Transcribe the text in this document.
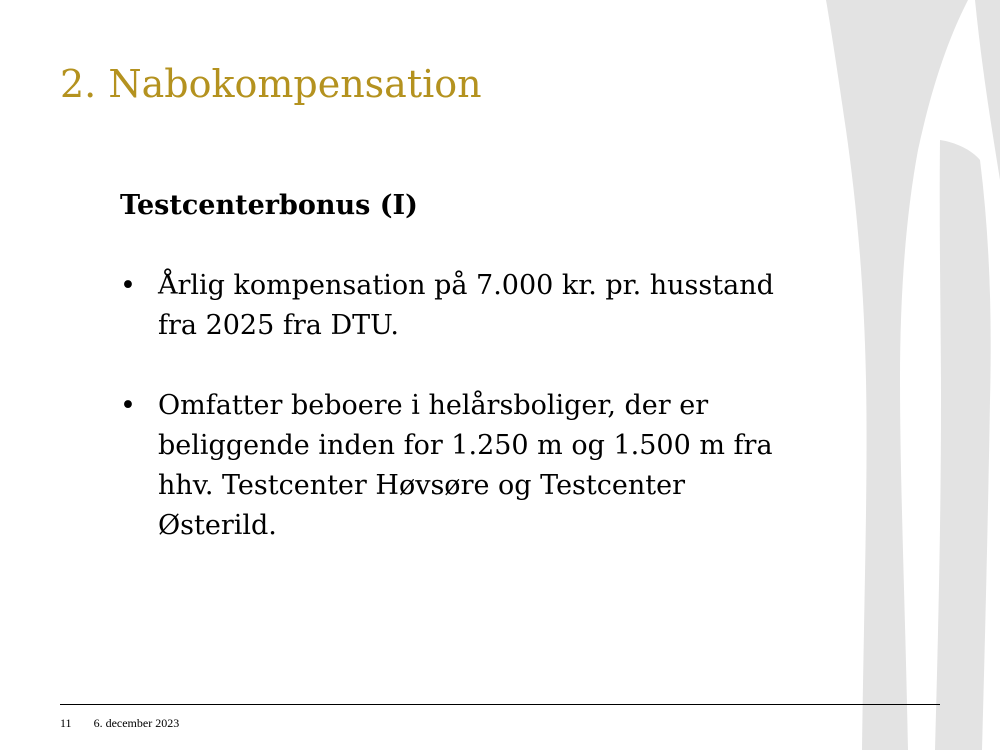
2. Nabokompensation

Testcenterbonus (I)

• Årlig kompensation på 7.000 kr. pr. husstand fra 2025 fra DTU.
• Omfatter beboere i helårsboliger, der er beliggende inden for 1.250 m og 1.500 m fra hhv. Testcenter Høvsøre og Testcenter Østerild.
11 6. december 2023
